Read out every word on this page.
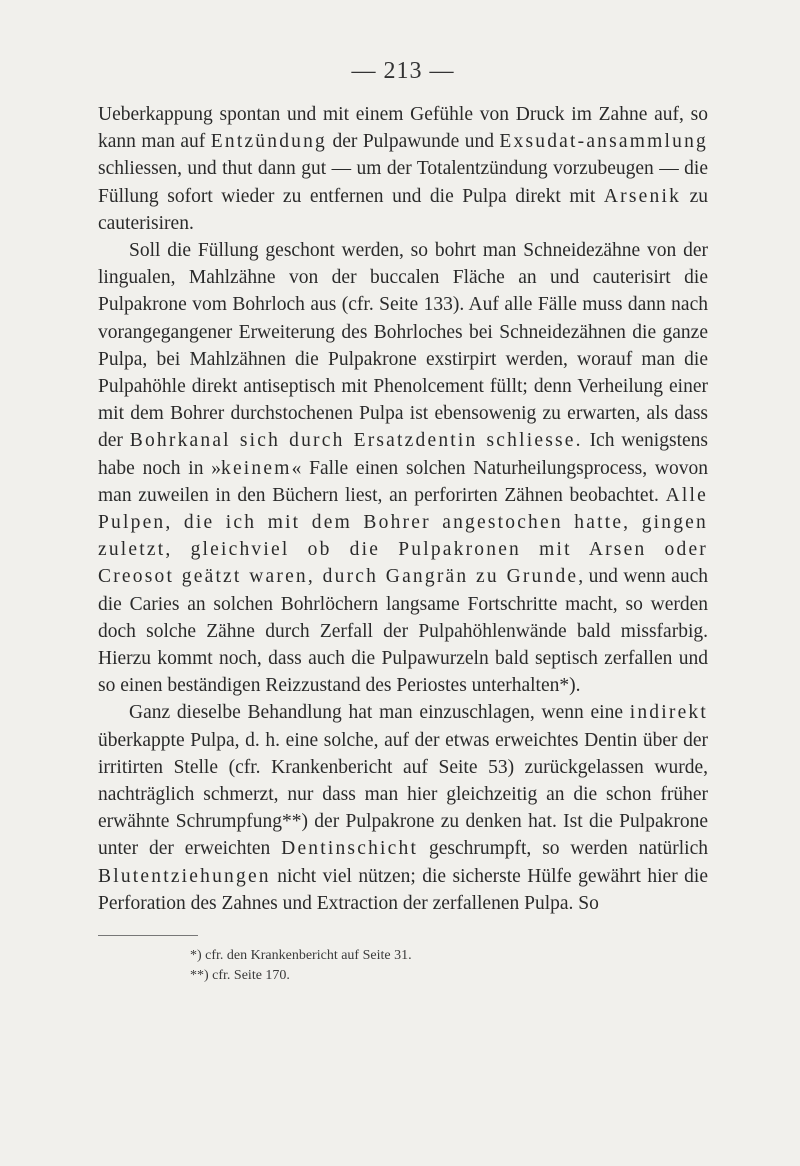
— 213 —

Ueberkappung spontan und mit einem Gefühle von Druck im Zahne auf, so kann man auf Entzündung der Pulpawunde und Exsudat-ansammlung schliessen, und thut dann gut — um der Totalentzündung vorzubeugen — die Füllung sofort wieder zu entfernen und die Pulpa direkt mit Arsenik zu cauterisiren.

Soll die Füllung geschont werden, so bohrt man Schneidezähne von der lingualen, Mahlzähne von der buccalen Fläche an und cauterisirt die Pulpakrone vom Bohrloch aus (cfr. Seite 133). Auf alle Fälle muss dann nach vorangegangener Erweiterung des Bohrloches bei Schneidezähnen die ganze Pulpa, bei Mahlzähnen die Pulpakrone exstirpirt werden, worauf man die Pulpahöhle direkt antiseptisch mit Phenolcement füllt; denn Verheilung einer mit dem Bohrer durchstochenen Pulpa ist ebensowenig zu erwarten, als dass der Bohrkanal sich durch Ersatzdentin schliesse. Ich wenigstens habe noch in »keinem« Falle einen solchen Naturheilungsprocess, wovon man zuweilen in den Büchern liest, an perforirten Zähnen beobachtet. Alle Pulpen, die ich mit dem Bohrer angestochen hatte, gingen zuletzt, gleichviel ob die Pulpakronen mit Arsen oder Creosot geätzt waren, durch Gangrän zu Grunde, und wenn auch die Caries an solchen Bohrlöchern langsame Fortschritte macht, so werden doch solche Zähne durch Zerfall der Pulpahöhlenwände bald missfarbig. Hierzu kommt noch, dass auch die Pulpawurzeln bald septisch zerfallen und so einen beständigen Reizzustand des Periostes unterhalten*).

Ganz dieselbe Behandlung hat man einzuschlagen, wenn eine indirekt überkappte Pulpa, d. h. eine solche, auf der etwas erweichtes Dentin über der irritirten Stelle (cfr. Krankenbericht auf Seite 53) zurückgelassen wurde, nachträglich schmerzt, nur dass man hier gleichzeitig an die schon früher erwähnte Schrumpfung**) der Pulpakrone zu denken hat. Ist die Pulpakrone unter der erweichten Dentinschicht geschrumpft, so werden natürlich Blutentziehungen nicht viel nützen; die sicherste Hülfe gewährt hier die Perforation des Zahnes und Extraction der zerfallenen Pulpa. So

*) cfr. den Krankenbericht auf Seite 31.
**) cfr. Seite 170.
